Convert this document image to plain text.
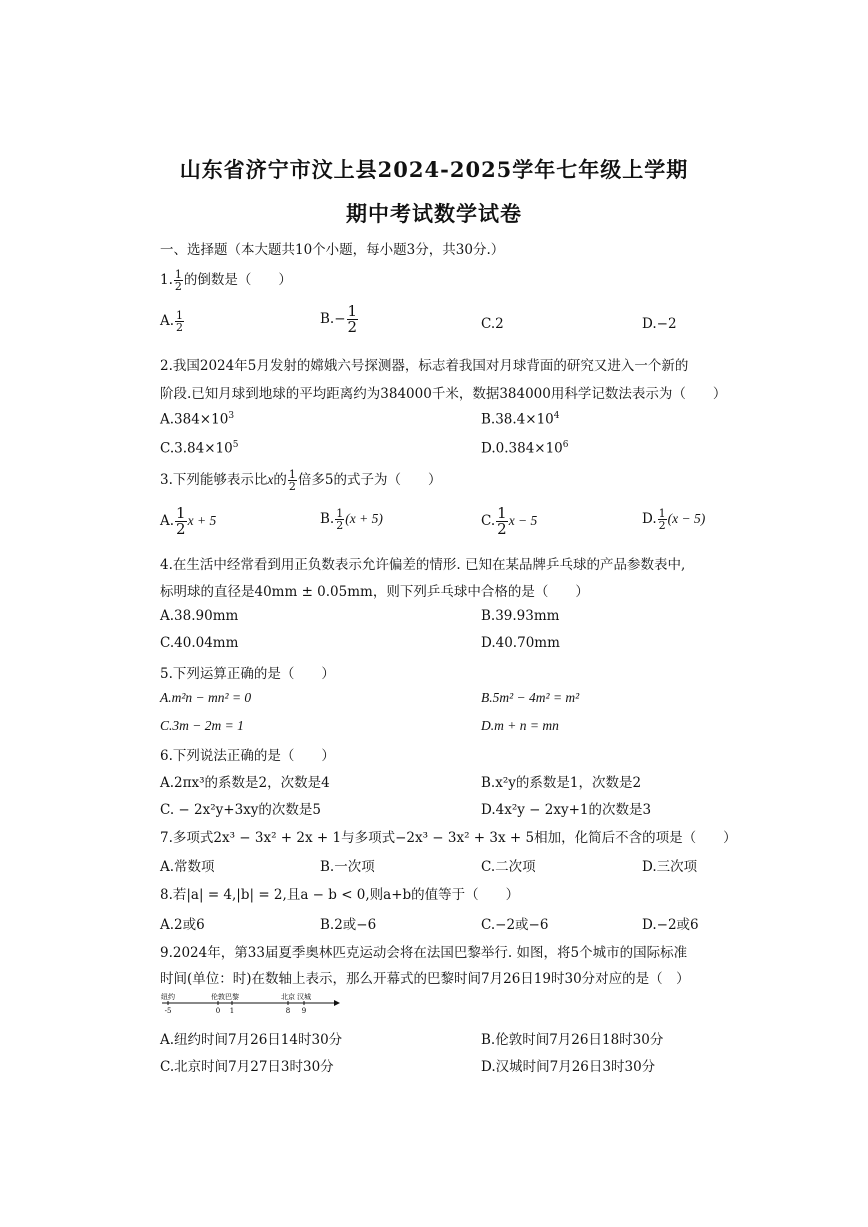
山东省济宁市汶上县2024-2025学年七年级上学期
期中考试数学试卷
一、选择题（本大题共10个小题，每小题3分，共30分.）
1. $\frac{1}{2}$ 的倒数是（　　）
A. $\frac{1}{2}$	$B.- \frac{1}{2}$	C.2	D.−2
2.我国2024年5月发射的嫦娥六号探测器，标志着我国对月球背面的研究又进入一个新的
阶段.已知月球到地球的平均距离约为384000千米，数据384000用科学记数法表示为（　　）
$A.384\times 10^3$	$B.38.4\times 10^4$
$C.3.84\times 10^5$	$D.0.384\times 10^6$
3.下列能够表示比x的 $\frac{1}{2}$ 倍多5的式子为（　　）
A. $\frac{1}{2}$ x + 5	B. $\frac{1}{2} (x + 5)$	C. $\frac{1}{2}$ x − 5	D. $\frac{1}{2} (x - 5)$
4.在生活中经常看到用正负数表示允许偏差的情形. 已知在某品牌乒乓球的产品参数表中,
标明球的直径是40mm ± 0.05mm，则下列乒乓球中合格的是（　　）
A.38.90mm	B.39.93mm
C.40.04mm	D.40.70mm
5.下列运算正确的是（　　）
A.m²n − mn² = 0	B.5m² − 4m² = m²
C.3m − 2m = 1	D.m + n = mn
6.下列说法正确的是（　　）
A.2πx³的系数是2，次数是4	B.x²y的系数是1，次数是2
C. − 2x²y+3xy的次数是5	D.4x²y − 2xy+1的次数是3
7.多项式2x³ − 3x² + 2x + 1与多项式−2x³ − 3x² + 3x + 5相加，化简后不含的项是（　　）
A.常数项	B.一次项	C.二次项	D.三次项
8.若|a| = 4,|b| = 2,且a − b < 0,则a+b的值等于（　　）
A.2或6	B.2或−6	C.−2或−6	D.−2或6
9.2024年，第33届夏季奥林匹克运动会将在法国巴黎举行. 如图，将5个城市的国际标准
时间(单位：时)在数轴上表示，那么开幕式的巴黎时间7月26日19时30分对应的是（　）
纽约
-5
伦敦
0
巴黎
1
北京
8
汉城
9
A.纽约时间7月26日14时30分	B.伦敦时间7月26日18时30分
C.北京时间7月27日3时30分	D.汉城时间7月26日3时30分
